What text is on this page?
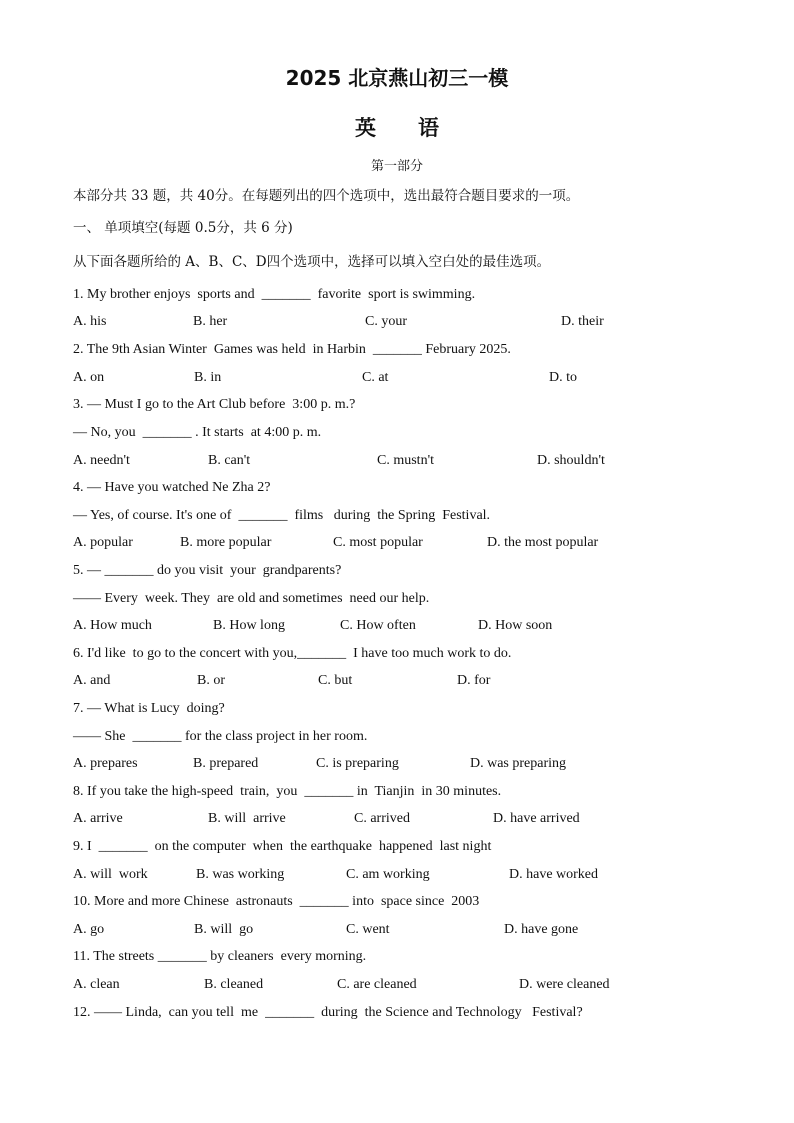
2025 北京燕山初三一模
英　　语
第一部分
本部分共 33 题，共 40分。在每题列出的四个选项中，选出最符合题目要求的一项。
一、 单项填空(每题 0.5分，共 6 分)
从下面各题所给的 A、B、C、D四个选项中，选择可以填入空白处的最佳选项。
1. My brother enjoys  sports and  _______  favorite  sport is swimming.
A. his	B. her	C. your	D. their
2. The 9th Asian Winter  Games was held  in Harbin  _______ February 2025.
A. on	B. in	C. at	D. to
3. — Must I go to the Art Club before  3:00 p. m.?
— No, you  _______ . It starts  at 4:00 p. m.
A. needn't	B. can't	C. mustn't	D. shouldn't
4. — Have you watched Ne Zha 2?
— Yes, of course. It's one of  _______  films   during  the Spring  Festival.
A. popular	B. more popular	C. most popular	D. the most popular
5. — _______ do you visit  your  grandparents?
—— Every  week. They  are old and sometimes  need our help.
A. How much	B. How long	C. How often	D. How soon
6. I'd like  to go to the concert with you,_______  I have too much work to do.
A. and	B. or	C. but	D. for
7. — What is Lucy  doing?
—— She  _______ for the class project in her room.
A. prepares	B. prepared	C. is preparing	D. was preparing
8. If you take the high-speed  train,  you  _______ in  Tianjin  in 30 minutes.
A. arrive	B. will  arrive	C. arrived	D. have arrived
9. I  _______  on the computer  when  the earthquake  happened  last night
A. will  work	B. was working	C. am working	D. have worked
10. More and more Chinese  astronauts  _______ into  space since  2003
A. go	B. will  go	C. went	D. have gone
11. The streets _______ by cleaners  every morning.
A. clean	B. cleaned	C. are cleaned	D. were cleaned
12. —— Linda,  can you tell  me  _______  during  the Science and Technology   Festival?
